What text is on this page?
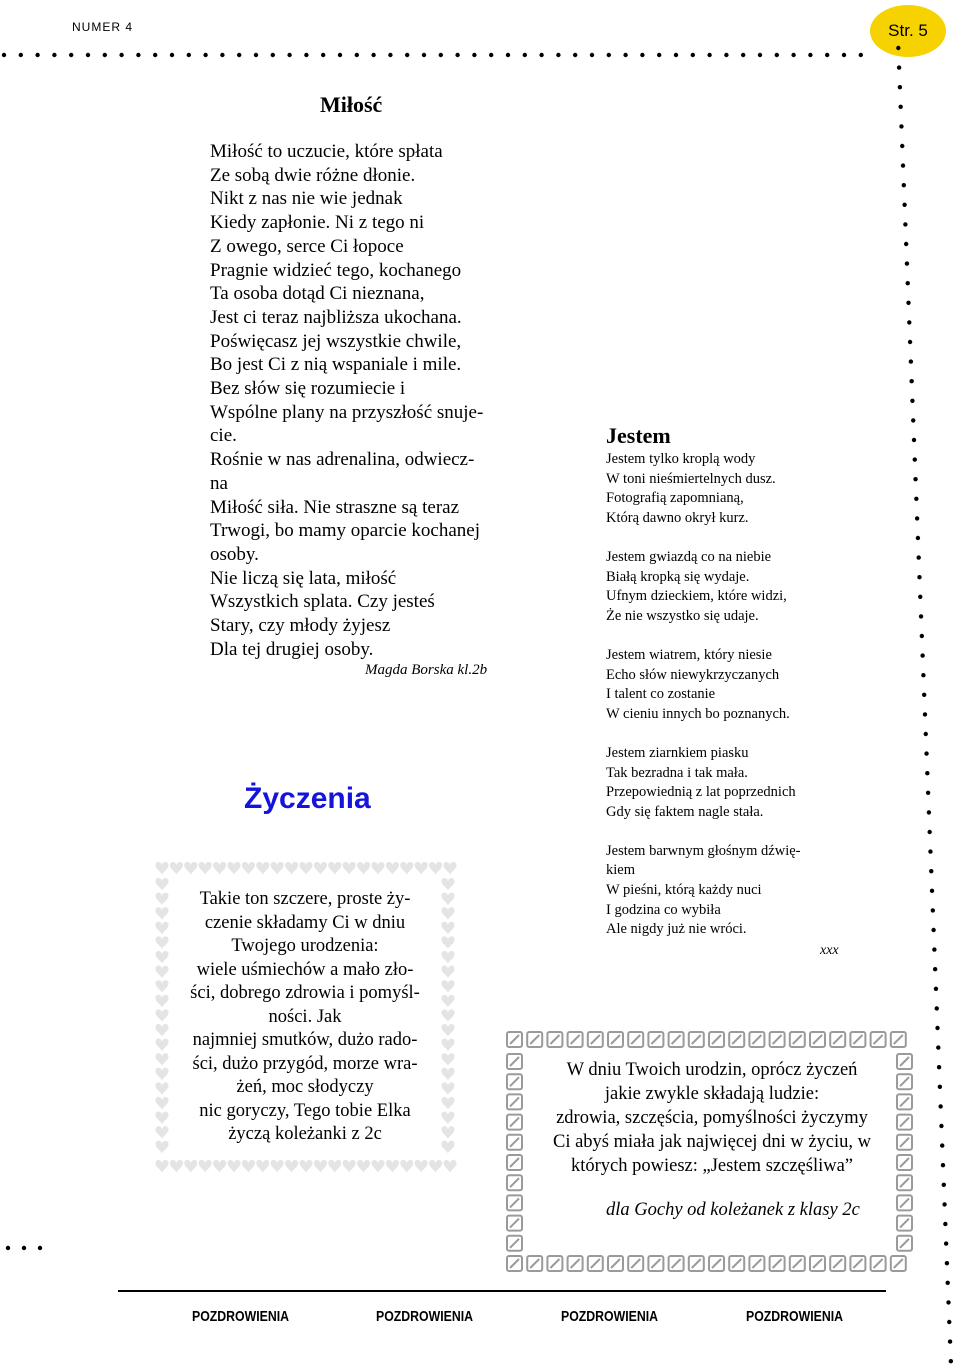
NUMER 4	Str. 5
Miłość
Miłość to uczucie, które spłata
Ze sobą dwie różne dłonie.
Nikt z nas nie wie jednak
Kiedy zapłonie. Ni z tego ni
Z owego, serce Ci łopoce
Pragnie widzieć tego, kochanego
Ta osoba dotąd Ci nieznana,
Jest ci teraz najbliższa ukochana.
Poświęcasz jej wszystkie chwile,
Bo jest Ci z nią wspaniale i mile.
Bez słów się rozumiecie i
Wspólne plany na przyszłość snuje-
cie.
Rośnie w nas adrenalina, odwiecz-
na
Miłość siła. Nie straszne są teraz
Trwogi, bo mamy oparcie kochanej
osoby.
Nie liczą się lata, miłość
Wszystkich splata. Czy jesteś
Stary, czy młody żyjesz
Dla tej drugiej osoby.
Magda Borska kl.2b
Życzenia
Takie ton szczere, proste ży-
czenie składamy Ci w dniu
Twojego urodzenia:
wiele uśmiechów a mało zło-
ści, dobrego zdrowia i pomyśl-
ności. Jak
najmniej smutków, dużo rado-
ści, dużo przygód, morze wra-
żeń, moc słodyczy
nic goryczy, Tego tobie Elka
życzą koleżanki z 2c
Jestem
Jestem tylko kroplą wody
W toni nieśmiertelnych dusz.
Fotografią zapomnianą,
Którą dawno okrył kurz.
Jestem gwiazdą co na niebie
Białą kropką się wydaje.
Ufnym dzieckiem, które widzi,
Że nie wszystko się udaje.
Jestem wiatrem, który niesie
Echo słów niewykrzyczanych
I talent co zostanie
W cieniu innych bo poznanych.
Jestem ziarnkiem piasku
Tak bezradna i tak mała.
Przepowiednią z lat poprzednich
Gdy się faktem nagle stała.
Jestem barwnym głośnym dźwię-
kiem
W pieśni, którą każdy nuci
I godzina co wybiła
Ale nigdy już nie wróci.
xxx
W dniu Twoich urodzin, oprócz życzeń
jakie zwykle składają ludzie:
zdrowia, szczęścia, pomyślności życzymy
Ci abyś miała jak najwięcej dni w życiu, w
których powiesz: „Jestem szczęśliwa”
dla Gochy od koleżanek z klasy 2c
POZDROWIENIA	POZDROWIENIA	POZDROWIENIA	POZDROWIENIA
